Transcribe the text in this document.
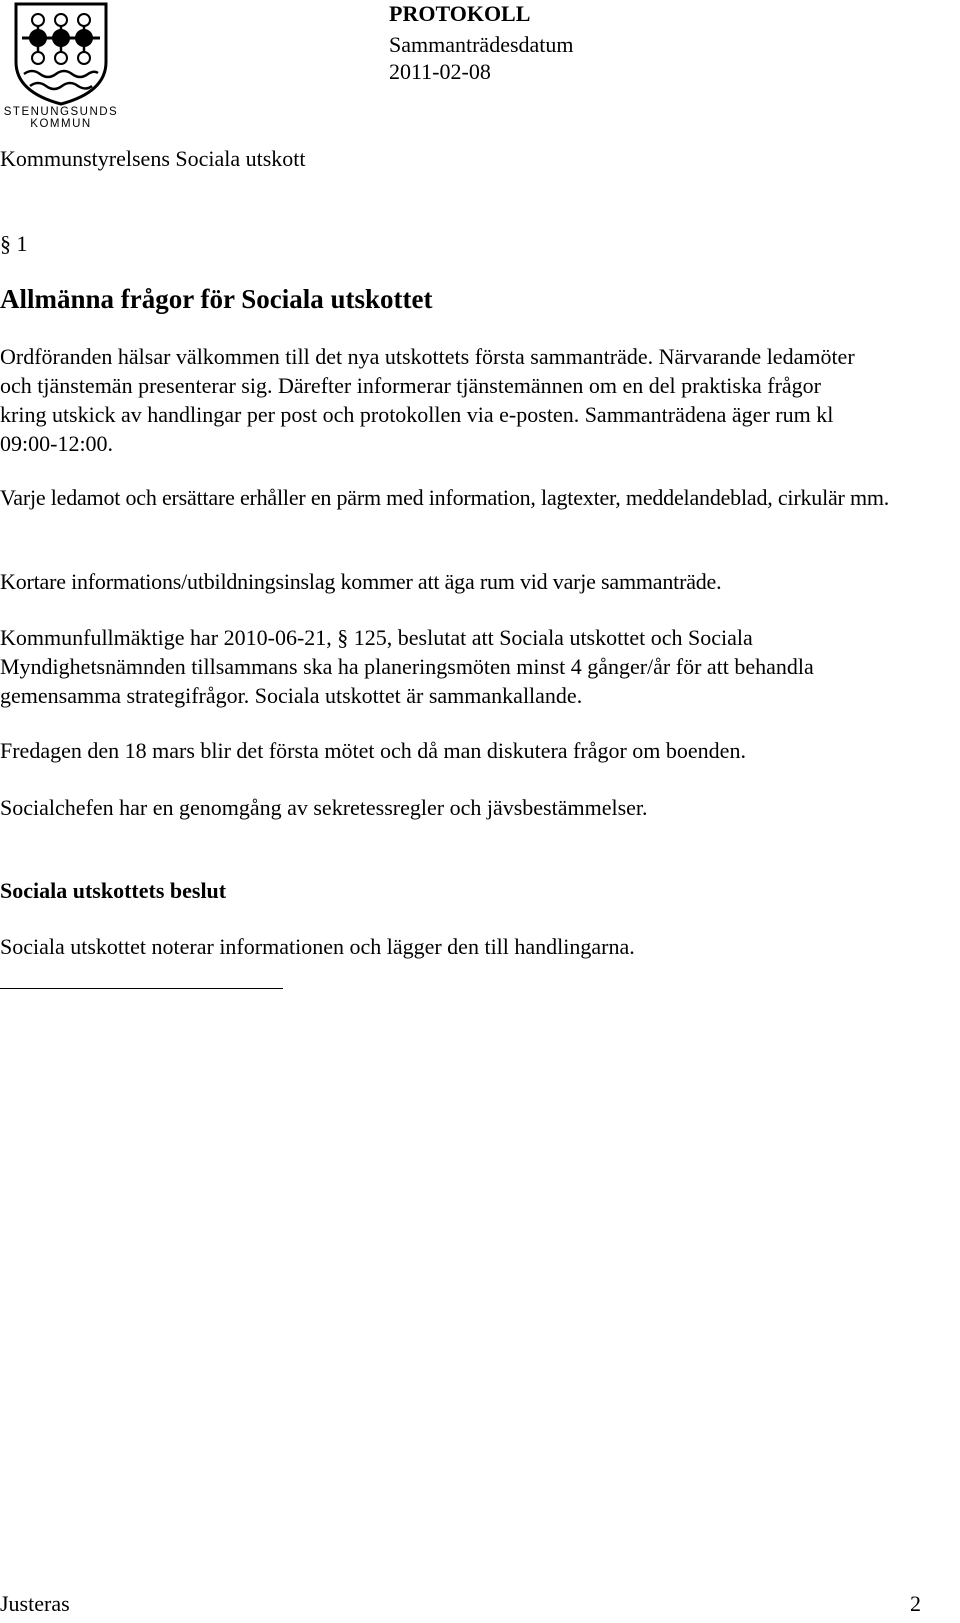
STENUNGSUNDS
KOMMUN
PROTOKOLL
Sammanträdesdatum
2011-02-08
Kommunstyrelsens Sociala utskott
§ 1
Allmänna frågor för Sociala utskottet
Ordföranden hälsar välkommen till det nya utskottets första sammanträde. Närvarande ledamöter och tjänstemän presenterar sig. Därefter informerar tjänstemännen om en del praktiska frågor kring utskick av handlingar per post och protokollen via e-posten. Sammanträdena äger rum kl 09:00-12:00.
Varje ledamot och ersättare erhåller en pärm med information, lagtexter, meddelandeblad, cirkulär mm.
Kortare informations/utbildningsinslag kommer att äga rum vid varje sammanträde.
Kommunfullmäktige har 2010-06-21, § 125, beslutat att Sociala utskottet och Sociala Myndighetsnämnden tillsammans ska ha planeringsmöten minst 4 gånger/år för att behandla gemensamma strategifrågor. Sociala utskottet är sammankallande.
Fredagen den 18 mars blir det första mötet och då man diskutera frågor om boenden.
Socialchefen har en genomgång av sekretessregler och jävsbestämmelser.
Sociala utskottets beslut
Sociala utskottet noterar informationen och lägger den till handlingarna.
Justeras	2
